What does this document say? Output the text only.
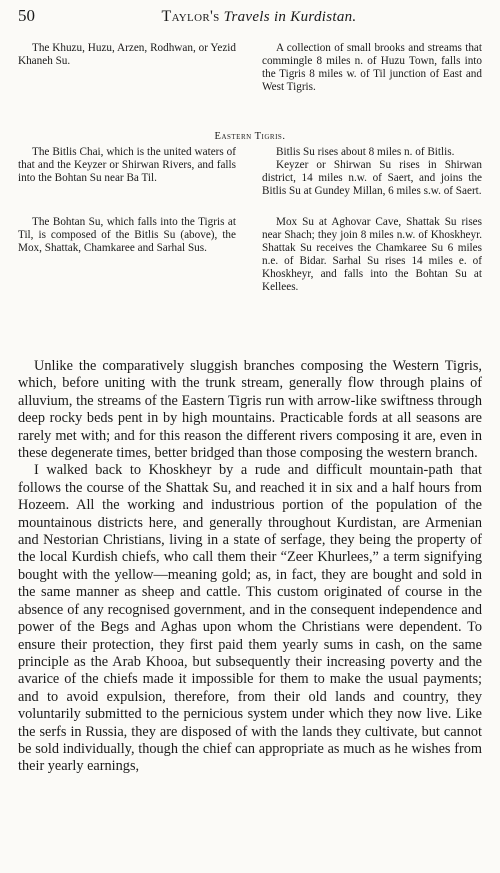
50	Taylor's Travels in Kurdistan.
The Khuzu, Huzu, Arzen, Rodhwan, or Yezid Khaneh Su.
A collection of small brooks and streams that commingle 8 miles n. of Huzu Town, falls into the Tigris 8 miles w. of Til junction of East and West Tigris.
Eastern Tigris.
The Bitlis Chai, which is the united waters of that and the Keyzer or Shirwan Rivers, and falls into the Bohtan Su near Ba Til.
Bitlis Su rises about 8 miles n. of Bitlis.
Keyzer or Shirwan Su rises in Shirwan district, 14 miles n.w. of Saert, and joins the Bitlis Su at Gundey Millan, 6 miles s.w. of Saert.
The Bohtan Su, which falls into the Tigris at Til, is composed of the Bitlis Su (above), the Mox, Shattak, Chamkaree and Sarhal Sus.
Mox Su at Aghovar Cave, Shattak Su rises near Shach; they join 8 miles n.w. of Khoskheyr. Shattak Su receives the Chamkaree Su 6 miles n.e. of Bidar. Sarhal Su rises 14 miles e. of Khoskheyr, and falls into the Bohtan Su at Kellees.

Unlike the comparatively sluggish branches composing the Western Tigris, which, before uniting with the trunk stream, generally flow through plains of alluvium, the streams of the Eastern Tigris run with arrow-like swiftness through deep rocky beds pent in by high mountains. Practicable fords at all seasons are rarely met with; and for this reason the different rivers composing it are, even in these degenerate times, better bridged than those composing the western branch.

I walked back to Khoskheyr by a rude and difficult mountain-path that follows the course of the Shattak Su, and reached it in six and a half hours from Hozeem. All the working and industrious portion of the population of the mountainous districts here, and generally throughout Kurdistan, are Armenian and Nestorian Christians, living in a state of serfage, they being the property of the local Kurdish chiefs, who call them their “Zeer Khurlees,” a term signifying bought with the yellow—meaning gold; as, in fact, they are bought and sold in the same manner as sheep and cattle. This custom originated of course in the absence of any recognised government, and in the consequent independence and power of the Begs and Aghas upon whom the Christians were dependent. To ensure their protection, they first paid them yearly sums in cash, on the same principle as the Arab Khooa, but subsequently their increasing poverty and the avarice of the chiefs made it impossible for them to make the usual payments; and to avoid expulsion, therefore, from their old lands and country, they voluntarily submitted to the pernicious system under which they now live. Like the serfs in Russia, they are disposed of with the lands they cultivate, but cannot be sold individually, though the chief can appropriate as much as he wishes from their yearly earnings,
